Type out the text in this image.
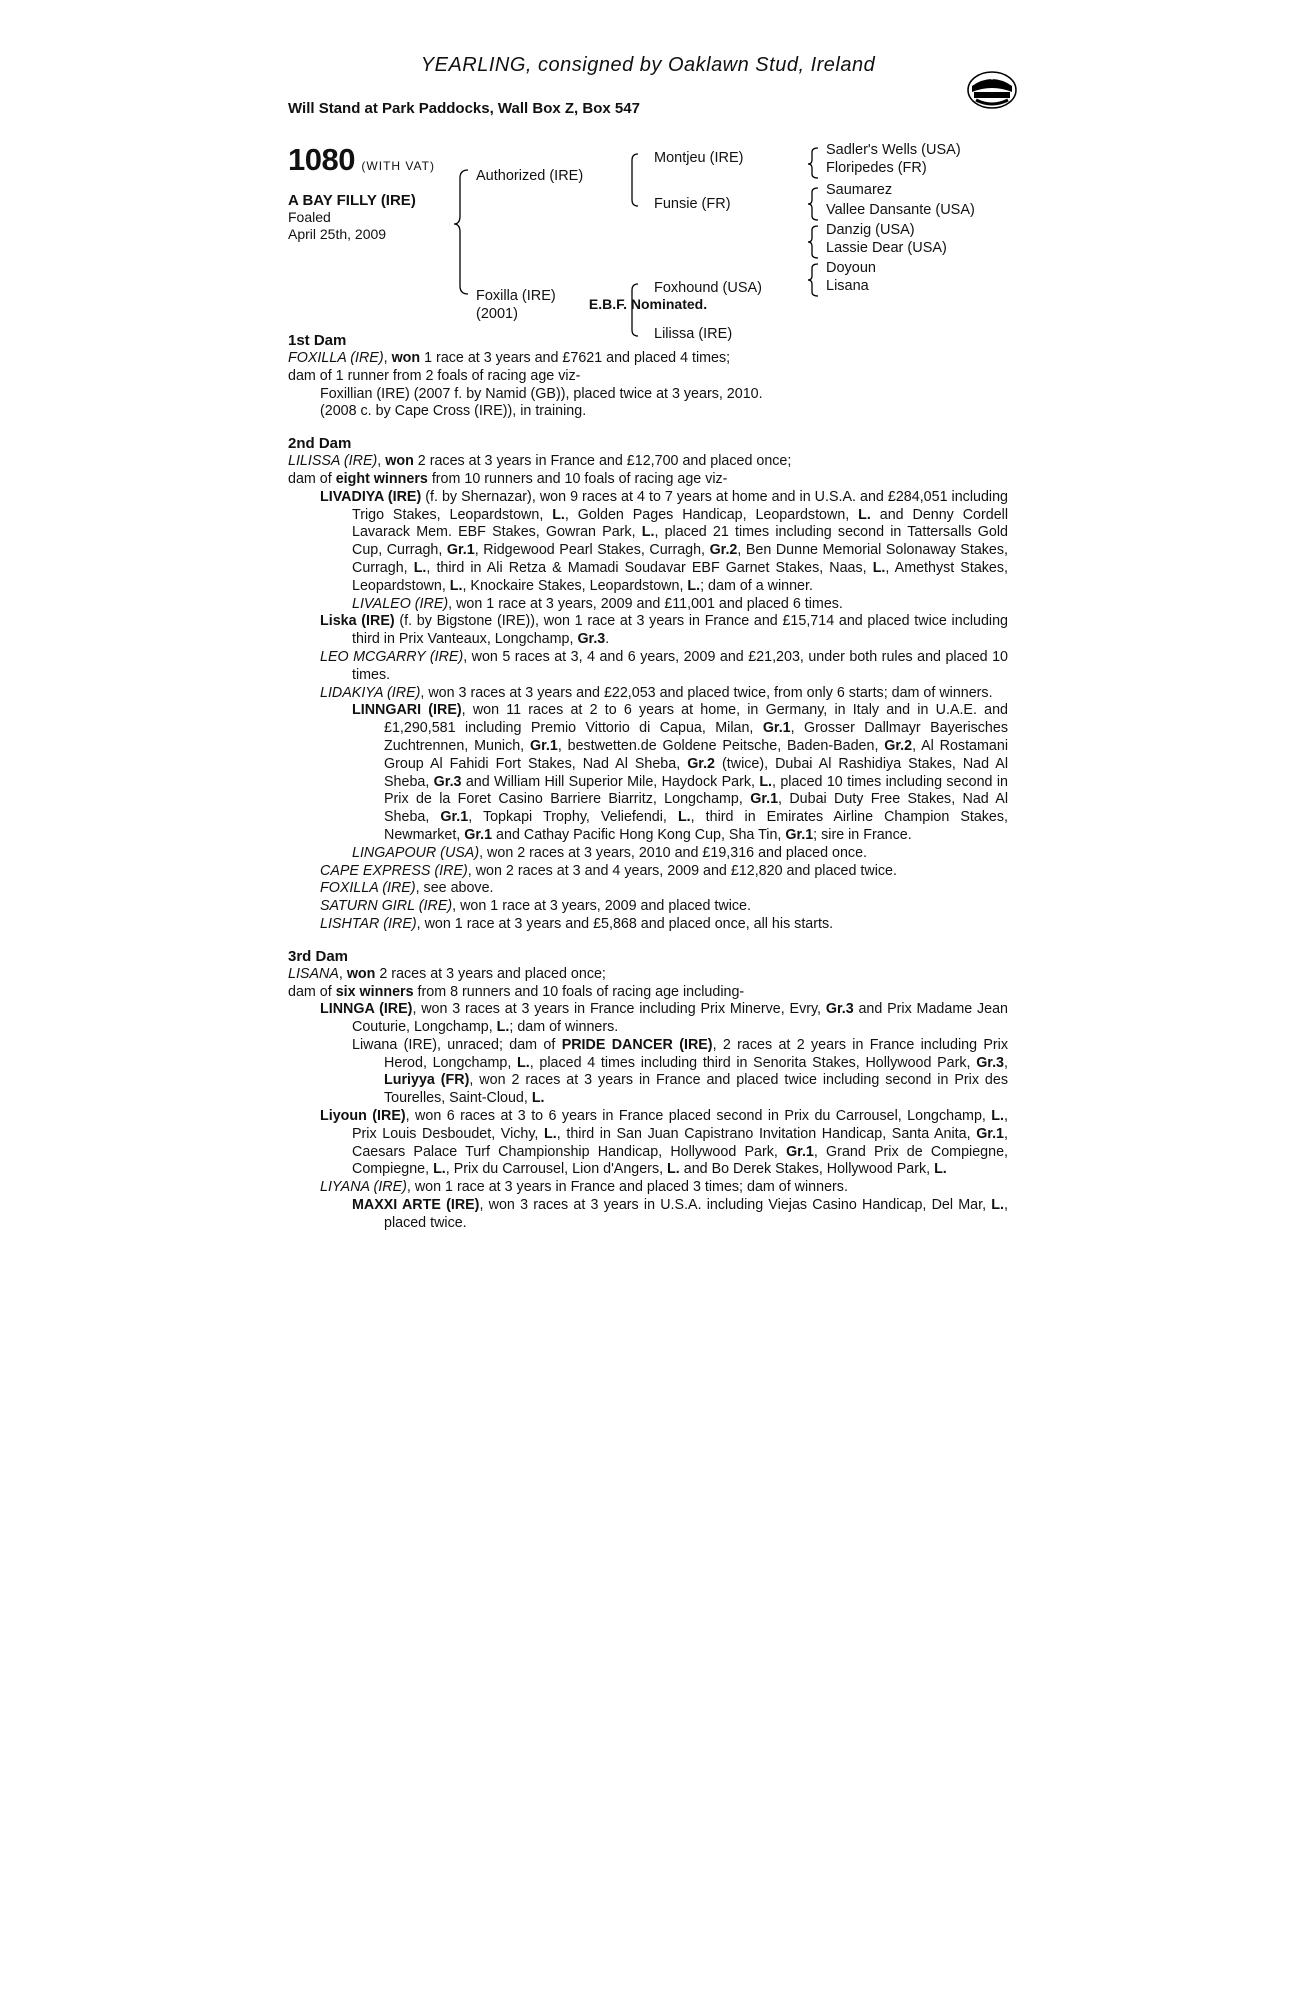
YEARLING, consigned by Oaklawn Stud, Ireland
Will Stand at Park Paddocks, Wall Box Z, Box 547
1080 (WITH VAT)
A BAY FILLY (IRE)
Foaled
April 25th, 2009
Authorized (IRE)
Foxilla (IRE)
(2001)
Montjeu (IRE)
Funsie (FR)
Foxhound (USA)
Lilissa (IRE)
Sadler's Wells (USA)
Floripedes (FR)
Saumarez
Vallee Dansante (USA)
Danzig (USA)
Lassie Dear (USA)
Doyoun
Lisana
E.B.F. Nominated.
1st Dam
FOXILLA (IRE), won 1 race at 3 years and £7621 and placed 4 times;
dam of 1 runner from 2 foals of racing age viz-
Foxillian (IRE) (2007 f. by Namid (GB)), placed twice at 3 years, 2010.
(2008 c. by Cape Cross (IRE)), in training.
2nd Dam
LILISSA (IRE), won 2 races at 3 years in France and £12,700 and placed once;
dam of eight winners from 10 runners and 10 foals of racing age viz-
LIVADIYA (IRE) (f. by Shernazar), won 9 races at 4 to 7 years at home and in U.S.A. and £284,051 including Trigo Stakes, Leopardstown, L., Golden Pages Handicap, Leopardstown, L. and Denny Cordell Lavarack Mem. EBF Stakes, Gowran Park, L., placed 21 times including second in Tattersalls Gold Cup, Curragh, Gr.1, Ridgewood Pearl Stakes, Curragh, Gr.2, Ben Dunne Memorial Solonaway Stakes, Curragh, L., third in Ali Retza & Mamadi Soudavar EBF Garnet Stakes, Naas, L., Amethyst Stakes, Leopardstown, L., Knockaire Stakes, Leopardstown, L.; dam of a winner.
LIVALEO (IRE), won 1 race at 3 years, 2009 and £11,001 and placed 6 times.
Liska (IRE) (f. by Bigstone (IRE)), won 1 race at 3 years in France and £15,714 and placed twice including third in Prix Vanteaux, Longchamp, Gr.3.
LEO MCGARRY (IRE), won 5 races at 3, 4 and 6 years, 2009 and £21,203, under both rules and placed 10 times.
LIDAKIYA (IRE), won 3 races at 3 years and £22,053 and placed twice, from only 6 starts; dam of winners.
LINNGARI (IRE), won 11 races at 2 to 6 years at home, in Germany, in Italy and in U.A.E. and £1,290,581 including Premio Vittorio di Capua, Milan, Gr.1, Grosser Dallmayr Bayerisches Zuchtrennen, Munich, Gr.1, bestwetten.de Goldene Peitsche, Baden-Baden, Gr.2, Al Rostamani Group Al Fahidi Fort Stakes, Nad Al Sheba, Gr.2 (twice), Dubai Al Rashidiya Stakes, Nad Al Sheba, Gr.3 and William Hill Superior Mile, Haydock Park, L., placed 10 times including second in Prix de la Foret Casino Barriere Biarritz, Longchamp, Gr.1, Dubai Duty Free Stakes, Nad Al Sheba, Gr.1, Topkapi Trophy, Veliefendi, L., third in Emirates Airline Champion Stakes, Newmarket, Gr.1 and Cathay Pacific Hong Kong Cup, Sha Tin, Gr.1; sire in France.
LINGAPOUR (USA), won 2 races at 3 years, 2010 and £19,316 and placed once.
CAPE EXPRESS (IRE), won 2 races at 3 and 4 years, 2009 and £12,820 and placed twice.
FOXILLA (IRE), see above.
SATURN GIRL (IRE), won 1 race at 3 years, 2009 and placed twice.
LISHTAR (IRE), won 1 race at 3 years and £5,868 and placed once, all his starts.
3rd Dam
LISANA, won 2 races at 3 years and placed once;
dam of six winners from 8 runners and 10 foals of racing age including-
LINNGA (IRE), won 3 races at 3 years in France including Prix Minerve, Evry, Gr.3 and Prix Madame Jean Couturie, Longchamp, L.; dam of winners.
Liwana (IRE), unraced; dam of PRIDE DANCER (IRE), 2 races at 2 years in France including Prix Herod, Longchamp, L., placed 4 times including third in Senorita Stakes, Hollywood Park, Gr.3, Luriyya (FR), won 2 races at 3 years in France and placed twice including second in Prix des Tourelles, Saint-Cloud, L.
Liyoun (IRE), won 6 races at 3 to 6 years in France placed second in Prix du Carrousel, Longchamp, L., Prix Louis Desboudet, Vichy, L., third in San Juan Capistrano Invitation Handicap, Santa Anita, Gr.1, Caesars Palace Turf Championship Handicap, Hollywood Park, Gr.1, Grand Prix de Compiegne, Compiegne, L., Prix du Carrousel, Lion d'Angers, L. and Bo Derek Stakes, Hollywood Park, L.
LIYANA (IRE), won 1 race at 3 years in France and placed 3 times; dam of winners.
MAXXI ARTE (IRE), won 3 races at 3 years in U.S.A. including Viejas Casino Handicap, Del Mar, L., placed twice.
